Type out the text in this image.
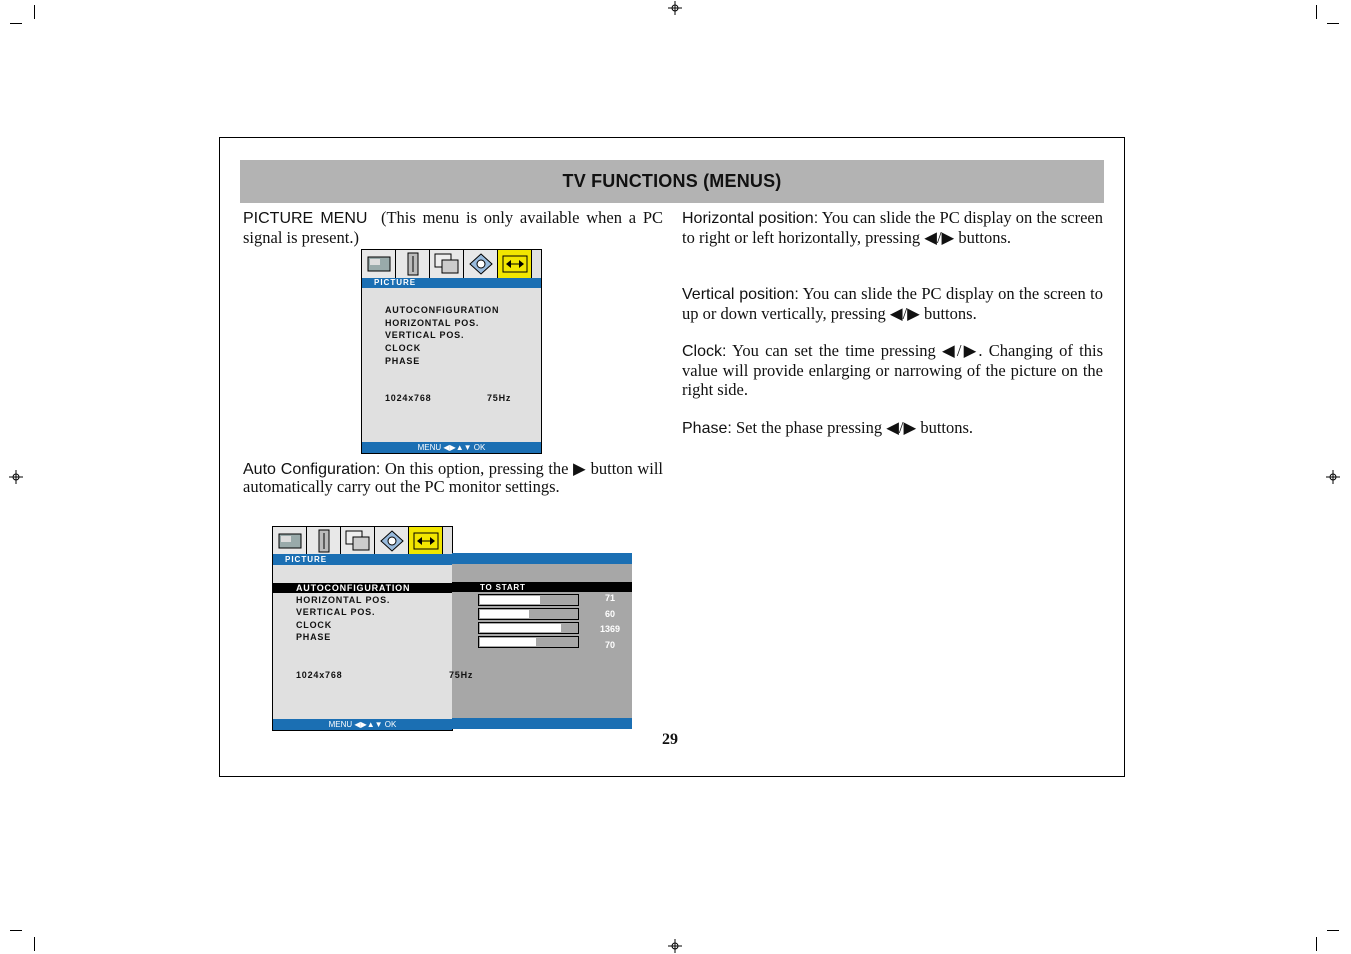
TV FUNCTIONS (MENUS)
PICTURE MENU (This menu is only available when a PC signal is present.)
PICTURE
AUTOCONFIGURATION
HORIZONTAL POS.
VERTICAL POS.
CLOCK
PHASE
1024x768	75Hz
MENU ◀▶▲▼ OK
Auto Configuration: On this option, pressing the ▶ button will automatically carry out the PC monitor settings.
PICTURE
AUTOCONFIGURATION
HORIZONTAL POS.
VERTICAL POS.
CLOCK
PHASE
1024x768
MENU ◀▶▲▼ OK
TO START
75Hz
71
60
1369
70
Horizontal position: You can slide the PC display on the screen to right or left horizontally, pressing ◀/▶ buttons.
Vertical position: You can slide the PC display on the screen to up or down vertically, pressing ◀/▶ buttons.
Clock: You can set the time pressing ◀/▶. Changing of this value will provide enlarging or narrowing of the picture on the right side.
Phase: Set the phase pressing ◀/▶ buttons.
29
